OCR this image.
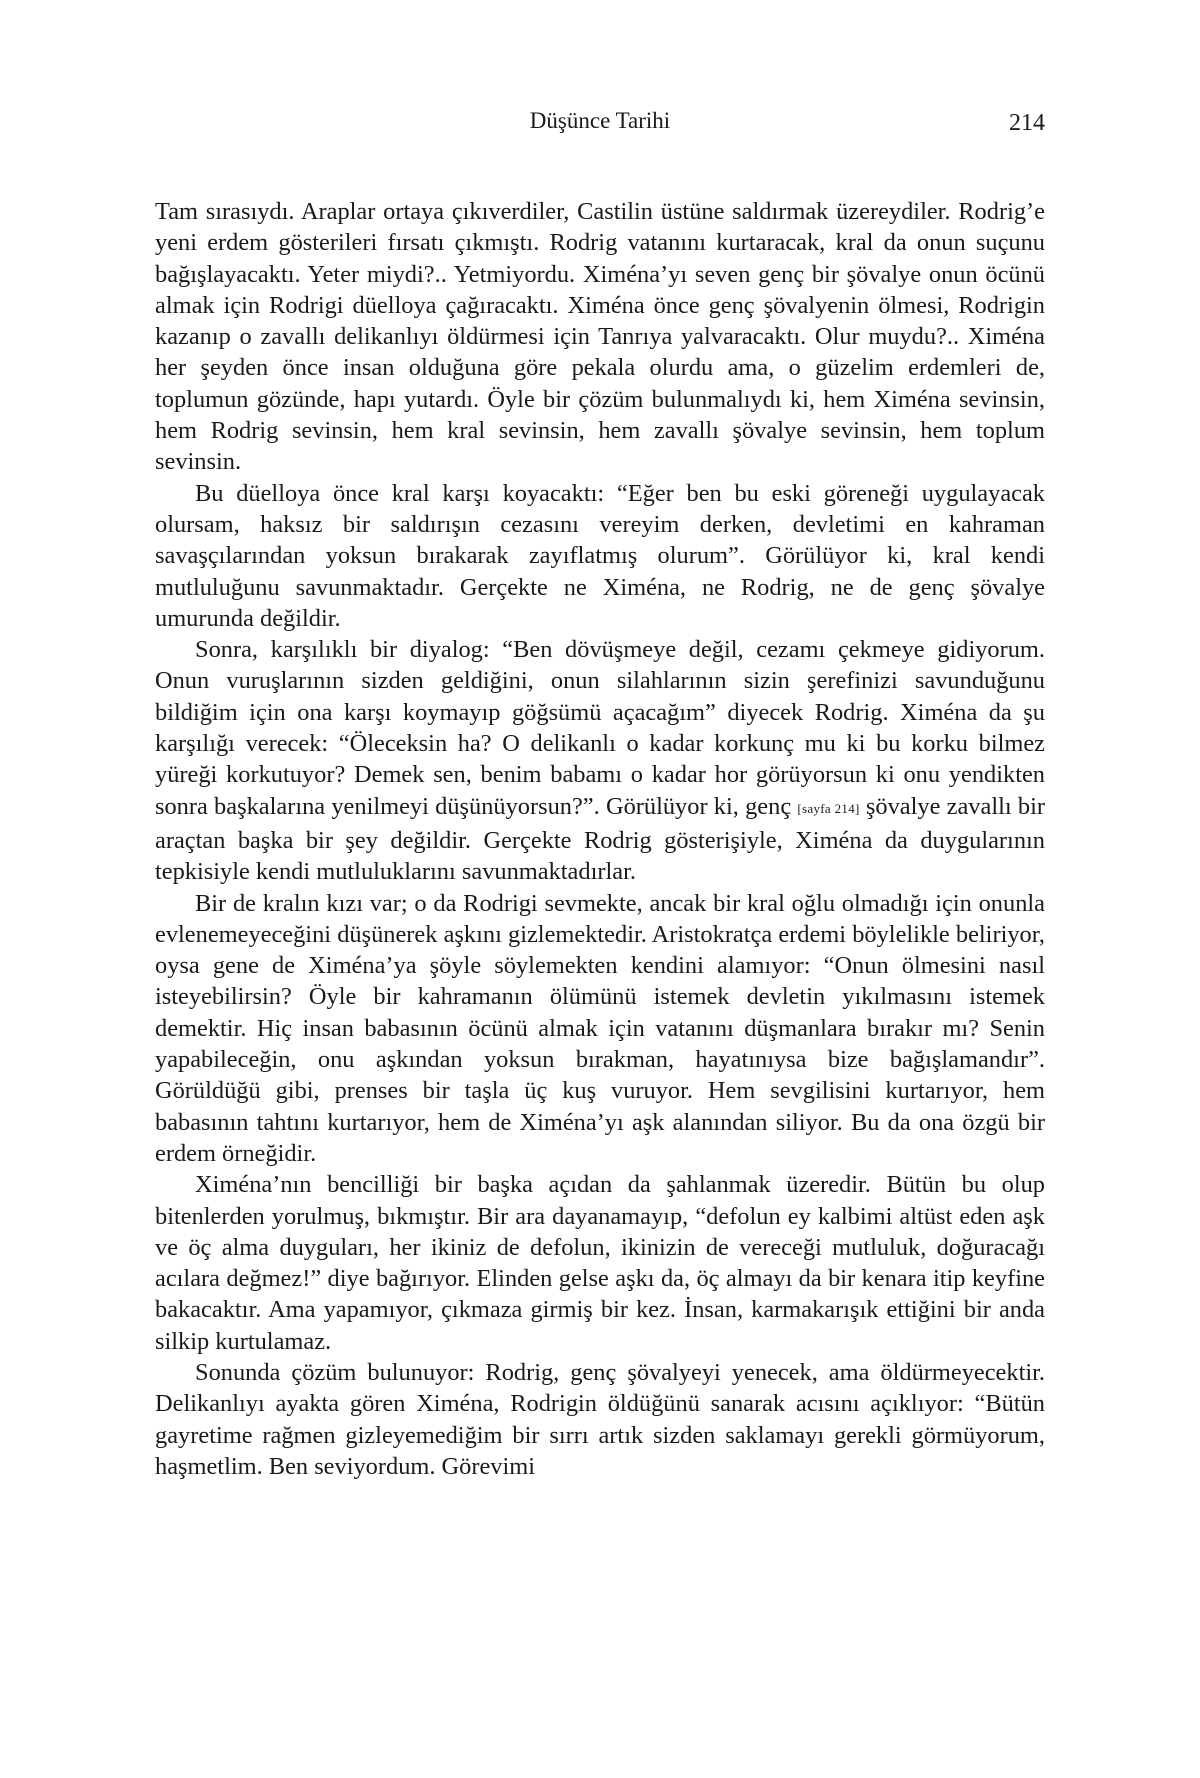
Düşünce Tarihi	214

Tam sırasıydı. Araplar ortaya çıkıverdiler, Castilin üstüne saldırmak üzereydiler. Rodrig’e yeni erdem gösterileri fırsatı çıkmıştı. Rodrig vatanını kurtaracak, kral da onun suçunu bağışlayacaktı. Yeter miydi?.. Yetmiyordu. Xiména’yı seven genç bir şövalye onun öcünü almak için Rodrigi düelloya çağıracaktı. Xiména önce genç şövalyenin ölmesi, Rodrigin kazanıp o zavallı delikanlıyı öldürmesi için Tanrıya yalvaracaktı. Olur muydu?.. Xiména her şeyden önce insan olduğuna göre pekala olurdu ama, o güzelim erdemleri de, toplumun gözünde, hapı yutardı. Öyle bir çözüm bulunmalıydı ki, hem Xiména sevinsin, hem Rodrig sevinsin, hem kral sevinsin, hem zavallı şövalye sevinsin, hem toplum sevinsin.

Bu düelloya önce kral karşı koyacaktı: “Eğer ben bu eski göreneği uygulayacak olursam, haksız bir saldırışın cezasını vereyim derken, devletimi en kahraman savaşçılarından yoksun bırakarak zayıflatmış olurum”. Görülüyor ki, kral kendi mutluluğunu savunmaktadır. Gerçekte ne Xiména, ne Rodrig, ne de genç şövalye umurunda değildir.

Sonra, karşılıklı bir diyalog: “Ben dövüşmeye değil, cezamı çekmeye gidiyorum. Onun vuruşlarının sizden geldiğini, onun silahlarının sizin şerefinizi savunduğunu bildiğim için ona karşı koymayıp göğsümü açacağım” diyecek Rodrig. Xiména da şu karşılığı verecek: “Öleceksin ha? O delikanlı o kadar korkunç mu ki bu korku bilmez yüreği korkutuyor? Demek sen, benim babamı o kadar hor görüyorsun ki onu yendikten sonra başkalarına yenilmeyi düşünüyorsun?”. Görülüyor ki, genç [sayfa 214] şövalye zavallı bir araçtan başka bir şey değildir. Gerçekte Rodrig gösterişiyle, Xiména da duygularının tepkisiyle kendi mutluluklarını savunmaktadırlar.

Bir de kralın kızı var; o da Rodrigi sevmekte, ancak bir kral oğlu olmadığı için onunla evlenemeyeceğini düşünerek aşkını gizlemektedir. Aristokratça erdemi böylelikle beliriyor, oysa gene de Xiména’ya şöyle söylemekten kendini alamıyor: “Onun ölmesini nasıl isteyebilirsin? Öyle bir kahramanın ölümünü istemek devletin yıkılmasını istemek demektir. Hiç insan babasının öcünü almak için vatanını düşmanlara bırakır mı? Senin yapabileceğin, onu aşkından yoksun bırakman, hayatınıysa bize bağışlamandır”. Görüldüğü gibi, prenses bir taşla üç kuş vuruyor. Hem sevgilisini kurtarıyor, hem babasının tahtını kurtarıyor, hem de Xiména’yı aşk alanından siliyor. Bu da ona özgü bir erdem örneğidir.

Xiména’nın bencilliği bir başka açıdan da şahlanmak üzeredir. Bütün bu olup bitenlerden yorulmuş, bıkmıştır. Bir ara dayanamayıp, “defolun ey kalbimi altüst eden aşk ve öç alma duyguları, her ikiniz de defolun, ikinizin de vereceği mutluluk, doğuracağı acılara değmez!” diye bağırıyor. Elinden gelse aşkı da, öç almayı da bir kenara itip keyfine bakacaktır. Ama yapamıyor, çıkmaza girmiş bir kez. İnsan, karmakarışık ettiğini bir anda silkip kurtulamaz.

Sonunda çözüm bulunuyor: Rodrig, genç şövalyeyi yenecek, ama öldürmeyecektir. Delikanlıyı ayakta gören Xiména, Rodrigin öldüğünü sanarak acısını açıklıyor: “Bütün gayretime rağmen gizleyemediğim bir sırrı artık sizden saklamayı gerekli görmüyorum, haşmetlim. Ben seviyordum. Görevimi
